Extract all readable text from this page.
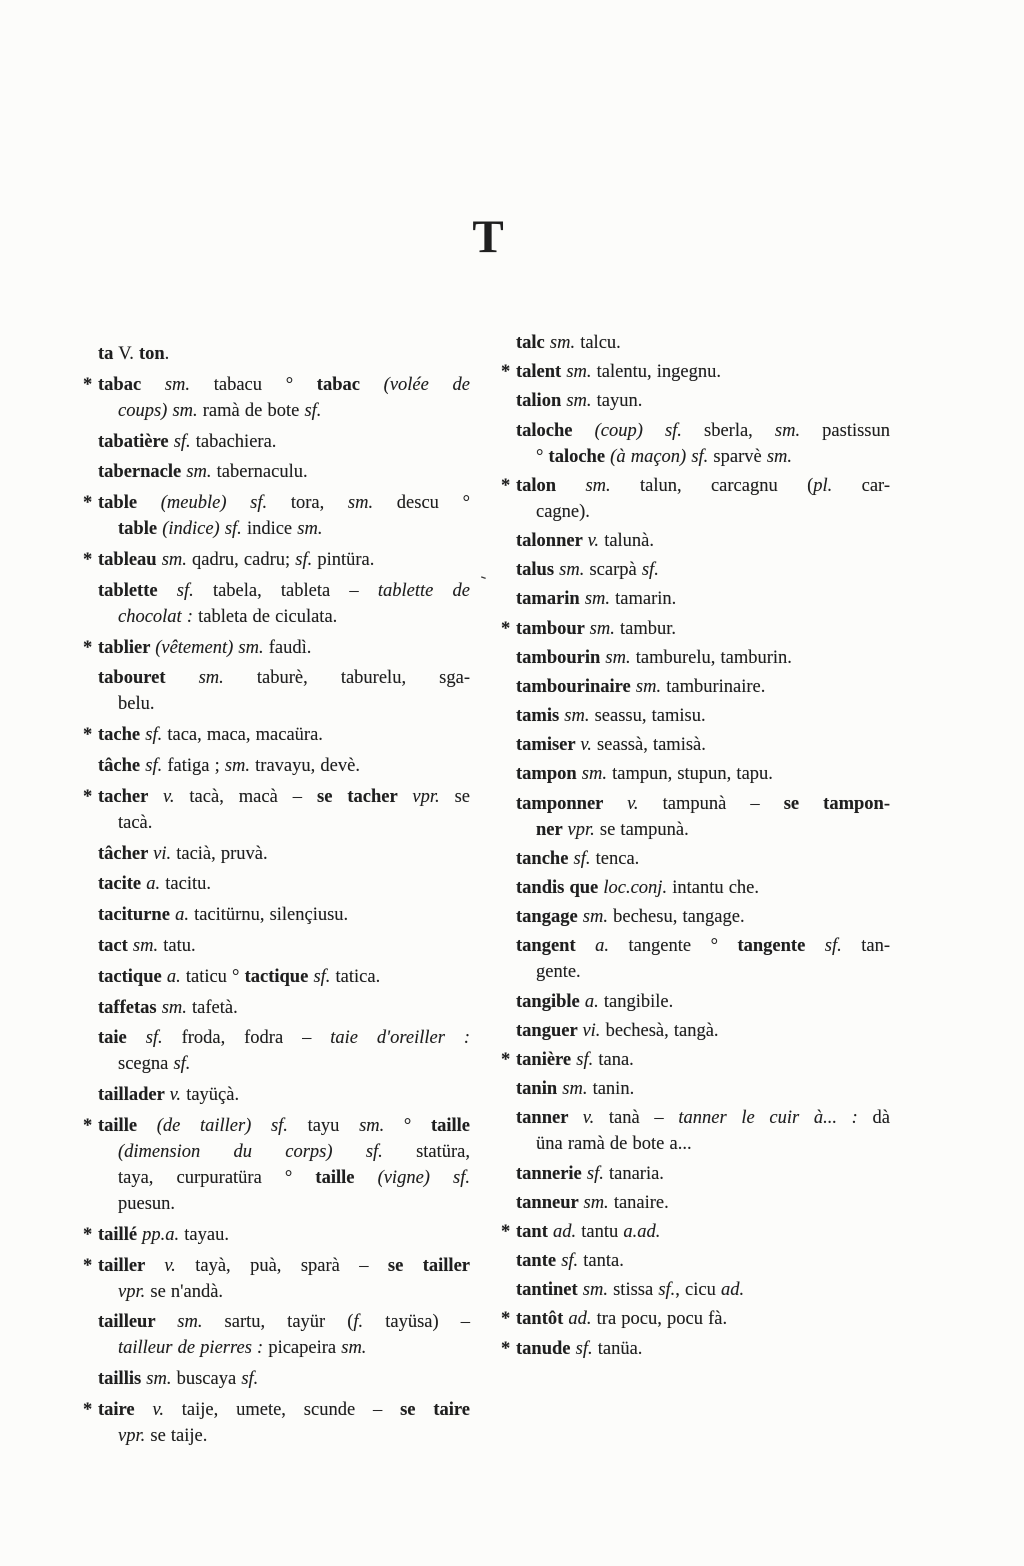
T
ta V. ton.
* tabac sm. tabacu ° tabac (volée de
coups) sm. ramà de bote sf.
tabatière sf. tabachiera.
tabernacle sm. tabernaculu.
* table (meuble) sf. tora, sm. descu °
table (indice) sf. indice sm.
* tableau sm. qadru, cadru; sf. pintüra.
tablette sf. tabela, tableta – tablette de
chocolat : tableta de ciculata.
* tablier (vêtement) sm. faudì.
tabouret sm. taburè, taburelu, sga-
belu.
* tache sf. taca, maca, macaüra.
tâche sf. fatiga ; sm. travayu, devè.
* tacher v. tacà, macà – se tacher vpr. se
tacà.
tâcher vi. tacià, pruvà.
tacite a. tacitu.
taciturne a. tacitürnu, silençiusu.
tact sm. tatu.
tactique a. taticu ° tactique sf. tatica.
taffetas sm. tafetà.
taie sf. froda, fodra – taie d'oreiller :
scegna sf.
taillader v. tayüçà.
* taille (de tailler) sf. tayu sm. ° taille
(dimension du corps) sf. statüra,
taya, curpuratüra ° taille (vigne) sf.
puesun.
* taillé pp.a. tayau.
* tailler v. tayà, puà, sparà – se tailler
vpr. se n'andà.
tailleur sm. sartu, tayür (f. tayüsa) –
tailleur de pierres : picapeira sm.
taillis sm. buscaya sf.
* taire v. taije, umete, scunde – se taire
vpr. se taije.
talc sm. talcu.
* talent sm. talentu, ingegnu.
talion sm. tayun.
taloche (coup) sf. sberla, sm. pastissun
° taloche (à maçon) sf. sparvè sm.
* talon sm. talun, carcagnu (pl. car-
cagne).
talonner v. talunà.
talus sm. scarpà sf.
tamarin sm. tamarin.
* tambour sm. tambur.
tambourin sm. tamburelu, tamburin.
tambourinaire sm. tamburinaire.
tamis sm. seassu, tamisu.
tamiser v. seassà, tamisà.
tampon sm. tampun, stupun, tapu.
tamponner v. tampunà – se tampon-
ner vpr. se tampunà.
tanche sf. tenca.
tandis que loc.conj. intantu che.
tangage sm. bechesu, tangage.
tangent a. tangente ° tangente sf. tan-
gente.
tangible a. tangibile.
tanguer vi. bechesà, tangà.
* tanière sf. tana.
tanin sm. tanin.
tanner v. tanà – tanner le cuir à... : dà
üna ramà de bote a...
tannerie sf. tanaria.
tanneur sm. tanaire.
* tant ad. tantu a.ad.
tante sf. tanta.
tantinet sm. stissa sf., cicu ad.
* tantôt ad. tra pocu, pocu fà.
* tanude sf. tanüa.
-
